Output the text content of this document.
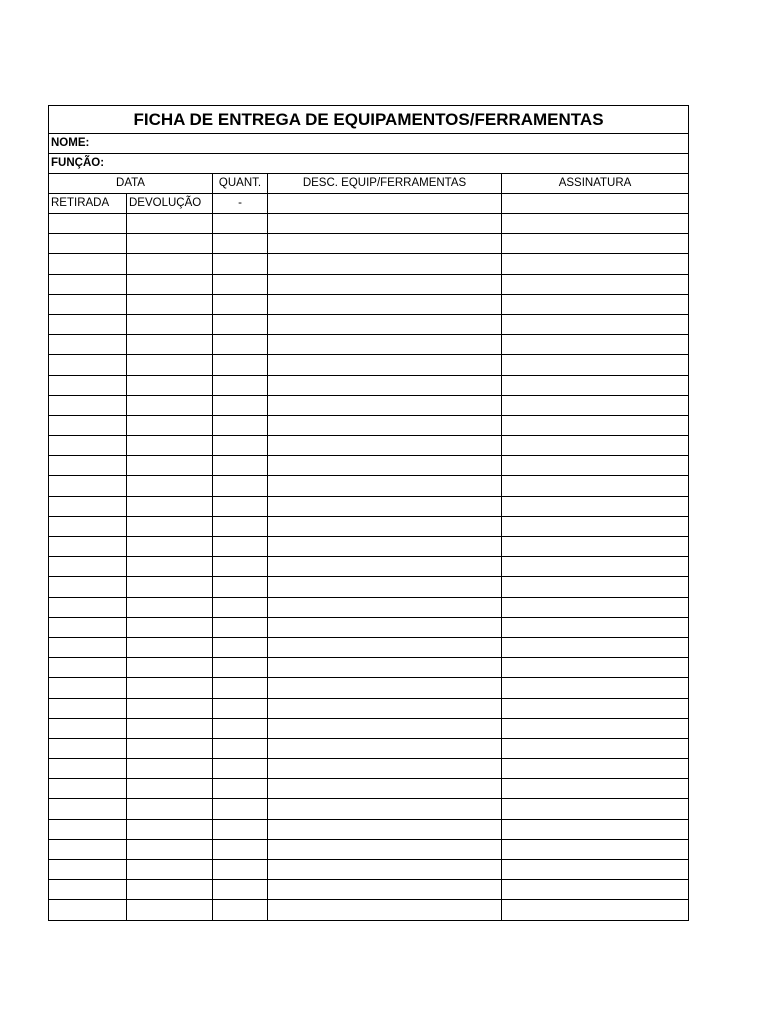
FICHA DE ENTREGA DE EQUIPAMENTOS/FERRAMENTAS				
NOME:				
FUNÇÃO:				
DATA		QUANT.	DESC. EQUIP/FERRAMENTAS	ASSINATURA
RETIRADA	DEVOLUÇÃO	-		
